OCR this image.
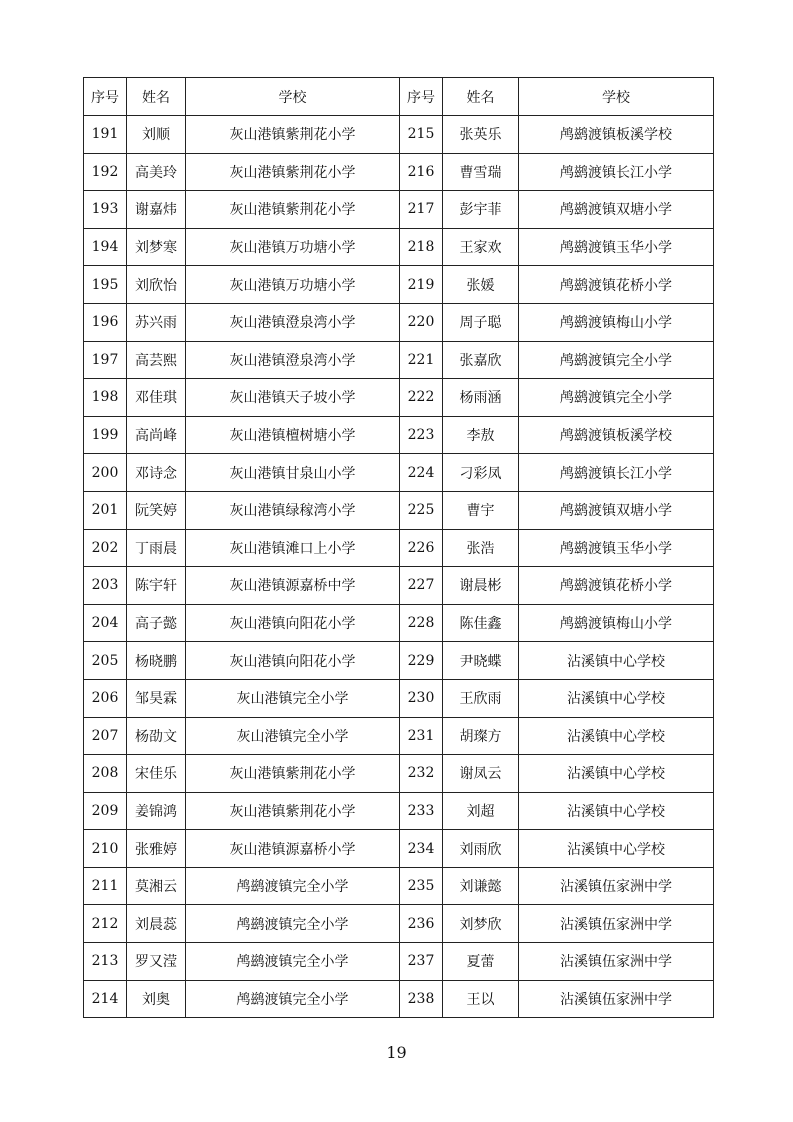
序号	姓名	学校	序号	姓名	学校
191	刘顺	灰山港镇紫荆花小学	215	张英乐	鸬鹚渡镇板溪学校
192	高美玲	灰山港镇紫荆花小学	216	曹雪瑞	鸬鹚渡镇长江小学
193	谢嘉炜	灰山港镇紫荆花小学	217	彭宇菲	鸬鹚渡镇双塘小学
194	刘梦寒	灰山港镇万功塘小学	218	王家欢	鸬鹚渡镇玉华小学
195	刘欣怡	灰山港镇万功塘小学	219	张媛	鸬鹚渡镇花桥小学
196	苏兴雨	灰山港镇澄泉湾小学	220	周子聪	鸬鹚渡镇梅山小学
197	高芸熙	灰山港镇澄泉湾小学	221	张嘉欣	鸬鹚渡镇完全小学
198	邓佳琪	灰山港镇天子坡小学	222	杨雨涵	鸬鹚渡镇完全小学
199	高尚峰	灰山港镇檀树塘小学	223	李敖	鸬鹚渡镇板溪学校
200	邓诗念	灰山港镇甘泉山小学	224	刁彩凤	鸬鹚渡镇长江小学
201	阮笑婷	灰山港镇绿稼湾小学	225	曹宇	鸬鹚渡镇双塘小学
202	丁雨晨	灰山港镇滩口上小学	226	张浩	鸬鹚渡镇玉华小学
203	陈宇轩	灰山港镇源嘉桥中学	227	谢晨彬	鸬鹚渡镇花桥小学
204	高子懿	灰山港镇向阳花小学	228	陈佳鑫	鸬鹚渡镇梅山小学
205	杨晓鹏	灰山港镇向阳花小学	229	尹晓蝶	沾溪镇中心学校
206	邹昊霖	灰山港镇完全小学	230	王欣雨	沾溪镇中心学校
207	杨劭文	灰山港镇完全小学	231	胡璨方	沾溪镇中心学校
208	宋佳乐	灰山港镇紫荆花小学	232	谢凤云	沾溪镇中心学校
209	姜锦鸿	灰山港镇紫荆花小学	233	刘超	沾溪镇中心学校
210	张雅婷	灰山港镇源嘉桥小学	234	刘雨欣	沾溪镇中心学校
211	莫湘云	鸬鹚渡镇完全小学	235	刘谦懿	沾溪镇伍家洲中学
212	刘晨蕊	鸬鹚渡镇完全小学	236	刘梦欣	沾溪镇伍家洲中学
213	罗又滢	鸬鹚渡镇完全小学	237	夏蕾	沾溪镇伍家洲中学
214	刘奥	鸬鹚渡镇完全小学	238	王以	沾溪镇伍家洲中学
19
